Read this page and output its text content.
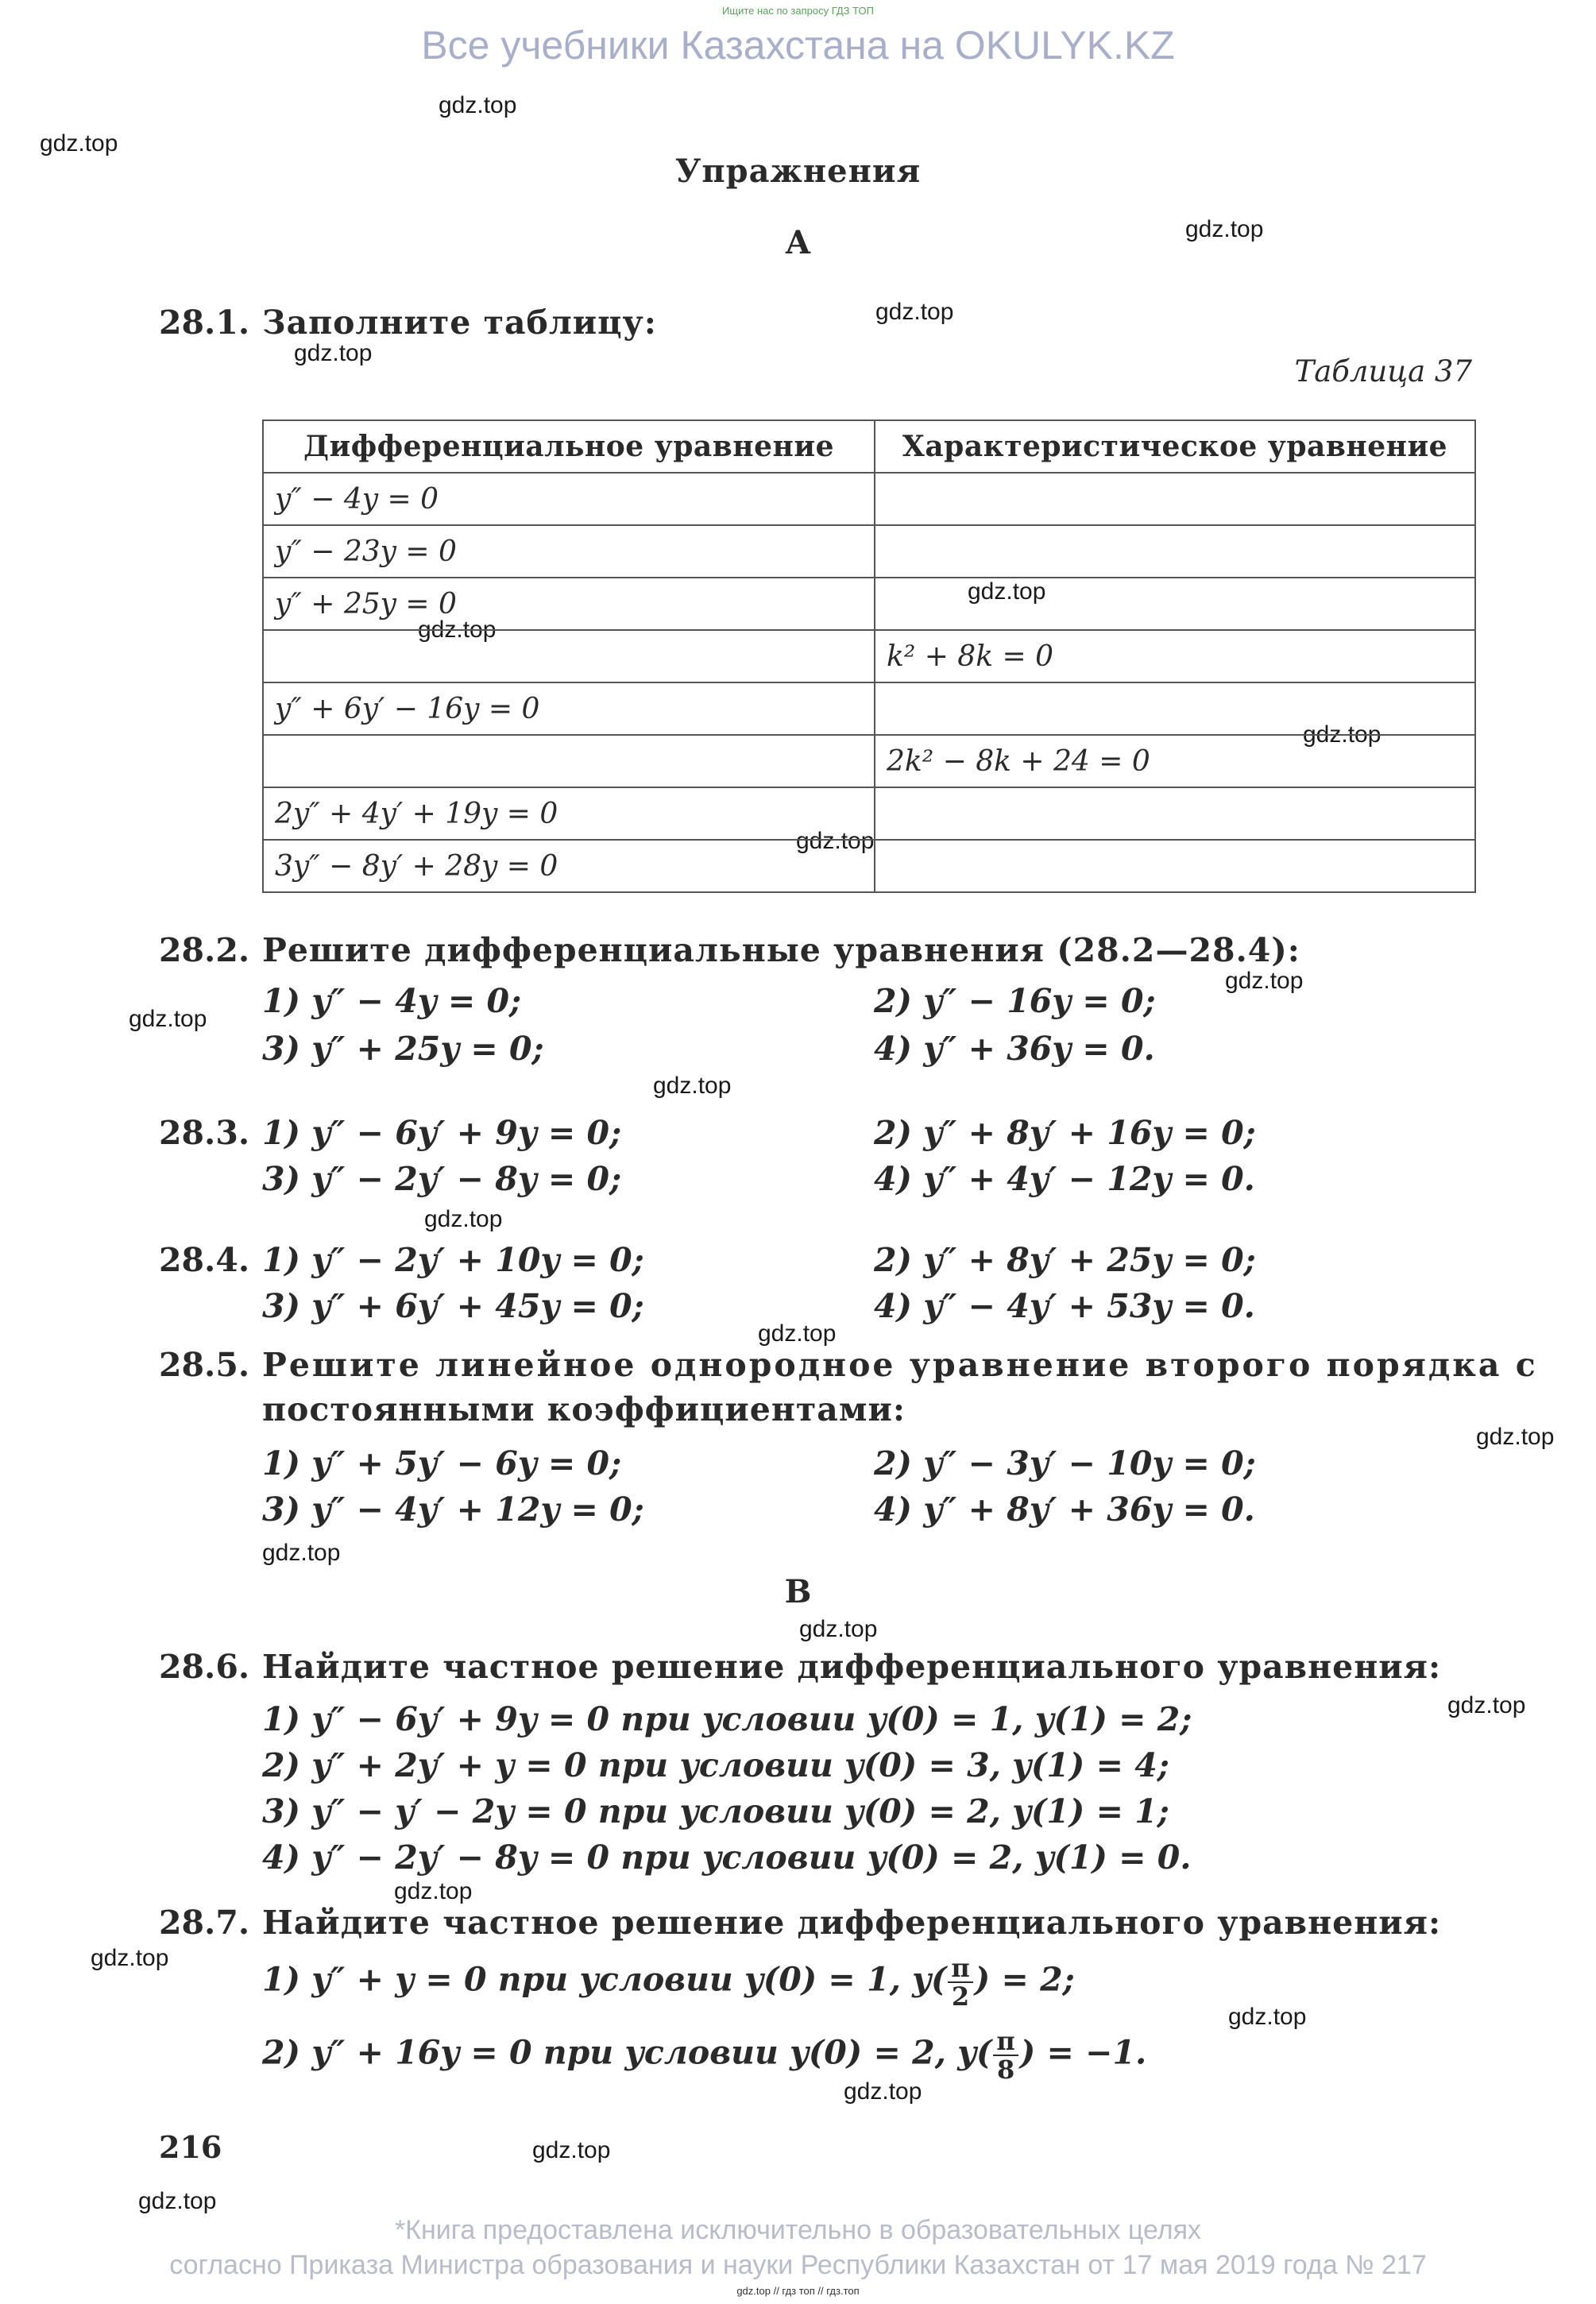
Ищите нас по запросу ГДЗ ТОП
Все учебники Казахстана на OKULYK.KZ
gdz.top
gdz.top
gdz.top
gdz.top
gdz.top
gdz.top
gdz.top
gdz.top
gdz.top
gdz.top
gdz.top
gdz.top
gdz.top
gdz.top
gdz.top
gdz.top
gdz.top
gdz.top
gdz.top
gdz.top
gdz.top
gdz.top
gdz.top
gdz.top
Упражнения
А
28.1. Заполните таблицу:
Таблица 37
Дифференциальное уравнение	Характеристическое уравнение
y″ − 4y = 0	
y″ − 23y = 0	
y″ + 25y = 0	
	k² + 8k = 0
y″ + 6y′ − 16y = 0	
	2k² − 8k + 24 = 0
2y″ + 4y′ + 19y = 0	
3y″ − 8y′ + 28y = 0	
28.2. Решите дифференциальные уравнения (28.2—28.4):
1) y″ − 4y = 0;	2) y″ − 16y = 0;
3) y″ + 25y = 0;	4) y″ + 36y = 0.
28.3. 1) y″ − 6y′ + 9y = 0;	2) y″ + 8y′ + 16y = 0;
3) y″ − 2y′ − 8y = 0;	4) y″ + 4y′ − 12y = 0.
28.4. 1) y″ − 2y′ + 10y = 0;	2) y″ + 8y′ + 25y = 0;
3) y″ + 6y′ + 45y = 0;	4) y″ − 4y′ + 53y = 0.
28.5. Решите линейное однородное уравнение второго порядка с
постоянными коэффициентами:
1) y″ + 5y′ − 6y = 0;	2) y″ − 3y′ − 10y = 0;
3) y″ − 4y′ + 12y = 0;	4) y″ + 8y′ + 36y = 0.
В
28.6. Найдите частное решение дифференциального уравнения:
1) y″ − 6y′ + 9y = 0 при условии y(0) = 1, y(1) = 2;
2) y″ + 2y′ + y = 0 при условии y(0) = 3, y(1) = 4;
3) y″ − y′ − 2y = 0 при условии y(0) = 2, y(1) = 1;
4) y″ − 2y′ − 8y = 0 при условии y(0) = 2, y(1) = 0.
28.7. Найдите частное решение дифференциального уравнения:
1) y″ + y = 0 при условии y(0) = 1, $y( \frac{\pi}{2}$ ) = 2;
2) y″ + 16y = 0 при условии y(0) = 2, $y( \frac{\pi}{8}$ ) = −1.
216
*Книга предоставлена исключительно в образовательных целях
согласно Приказа Министра образования и науки Республики Казахстан от 17 мая 2019 года № 217
gdz.top // гдз топ // гдз.топ
